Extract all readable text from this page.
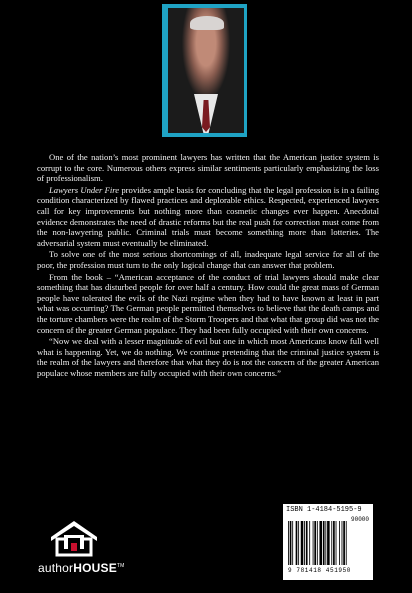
One of the nation’s most prominent lawyers has written that the American justice system is corrupt to the core. Numerous others express similar sentiments particularly emphasizing the loss of professionalism.

Lawyers Under Fire provides ample basis for concluding that the legal profession is in a failing condition characterized by flawed practices and deplorable ethics. Respected, experienced lawyers call for key improvements but nothing more than cosmetic changes ever happen. Anecdotal evidence demonstrates the need of drastic reforms but the real push for correction must come from the non-lawyering public. Criminal trials must become something more than lotteries. The adversarial system must eventually be eliminated.

To solve one of the most serious shortcomings of all, inadequate legal service for all of the poor, the profession must turn to the only logical change that can answer that problem.

From the book – “American acceptance of the conduct of trial lawyers should make clear something that has disturbed people for over half a century. How could the great mass of German people have tolerated the evils of the Nazi regime when they had to have known at least in part what was occurring? The German people permitted themselves to believe that the death camps and the torture chambers were the realm of the Storm Troopers and that what that group did was not the concern of the greater German populace. They had been fully occupied with their own concerns.

“Now we deal with a lesser magnitude of evil but one in which most Americans know full well what is happening. Yet, we do nothing. We continue pretending that the criminal justice system is the realm of the lawyers and therefore that what they do is not the concern of the greater American populace whose members are fully occupied with their own concerns.”

authorHOUSE™
ISBN 1-4184-5195-9
90000
9 781418 451950
